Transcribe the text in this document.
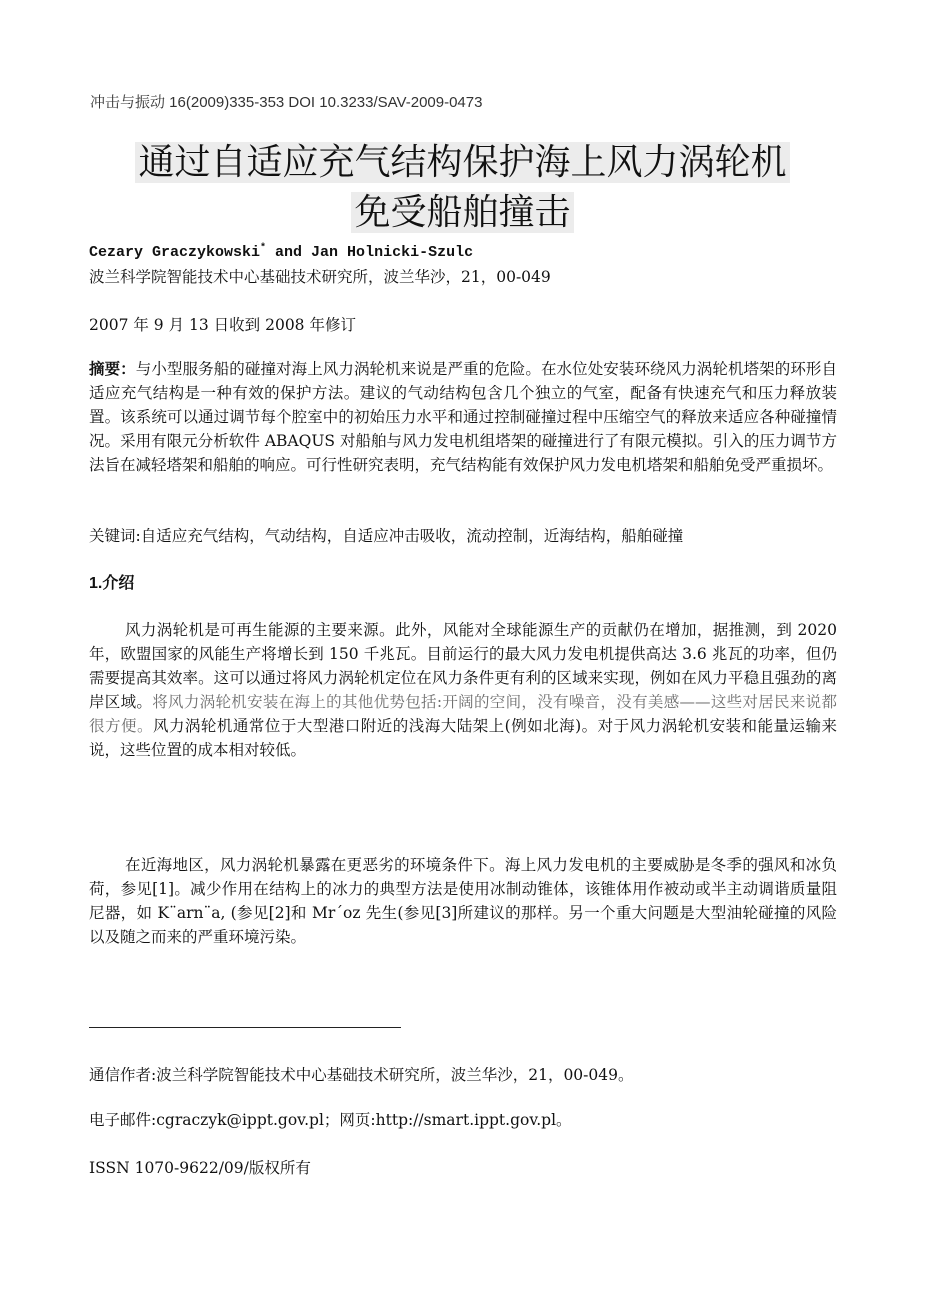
冲击与振动 16(2009)335-353 DOI 10.3233/SAV-2009-0473
通过自适应充气结构保护海上风力涡轮机
免受船舶撞击
Cezary Graczykowski* and Jan Holnicki-Szulc
波兰科学院智能技术中心基础技术研究所，波兰华沙，21，00-049
2007 年 9 月 13 日收到 2008 年修订

摘要：与小型服务船的碰撞对海上风力涡轮机来说是严重的危险。在水位处安装环绕风力涡轮机塔架的环形自适应充气结构是一种有效的保护方法。建议的气动结构包含几个独立的气室，配备有快速充气和压力释放装置。该系统可以通过调节每个腔室中的初始压力水平和通过控制碰撞过程中压缩空气的释放来适应各种碰撞情况。采用有限元分析软件 ABAQUS 对船舶与风力发电机组塔架的碰撞进行了有限元模拟。引入的压力调节方法旨在减轻塔架和船舶的响应。可行性研究表明，充气结构能有效保护风力发电机塔架和船舶免受严重损坏。

关键词:自适应充气结构，气动结构，自适应冲击吸收，流动控制，近海结构，船舶碰撞

1.介绍

风力涡轮机是可再生能源的主要来源。此外，风能对全球能源生产的贡献仍在增加，据推测，到 2020 年，欧盟国家的风能生产将增长到 150 千兆瓦。目前运行的最大风力发电机提供高达 3.6 兆瓦的功率，但仍需要提高其效率。这可以通过将风力涡轮机定位在风力条件更有利的区域来实现，例如在风力平稳且强劲的离岸区域。将风力涡轮机安装在海上的其他优势包括:开阔的空间，没有噪音，没有美感——这些对居民来说都很方便。风力涡轮机通常位于大型港口附近的浅海大陆架上(例如北海)。对于风力涡轮机安装和能量运输来说，这些位置的成本相对较低。

在近海地区，风力涡轮机暴露在更恶劣的环境条件下。海上风力发电机的主要威胁是冬季的强风和冰负荷，参见[1]。减少作用在结构上的冰力的典型方法是使用冰制动锥体，该锥体用作被动或半主动调谐质量阻尼器，如 K¨arn¨a, (参见[2]和 Mr´oz 先生(参见[3]所建议的那样。另一个重大问题是大型油轮碰撞的风险以及随之而来的严重环境污染。

通信作者:波兰科学院智能技术中心基础技术研究所，波兰华沙，21，00-049。
电子邮件:cgraczyk@ippt.gov.pl；网页:http://smart.ippt.gov.pl。
ISSN 1070-9622/09/版权所有
